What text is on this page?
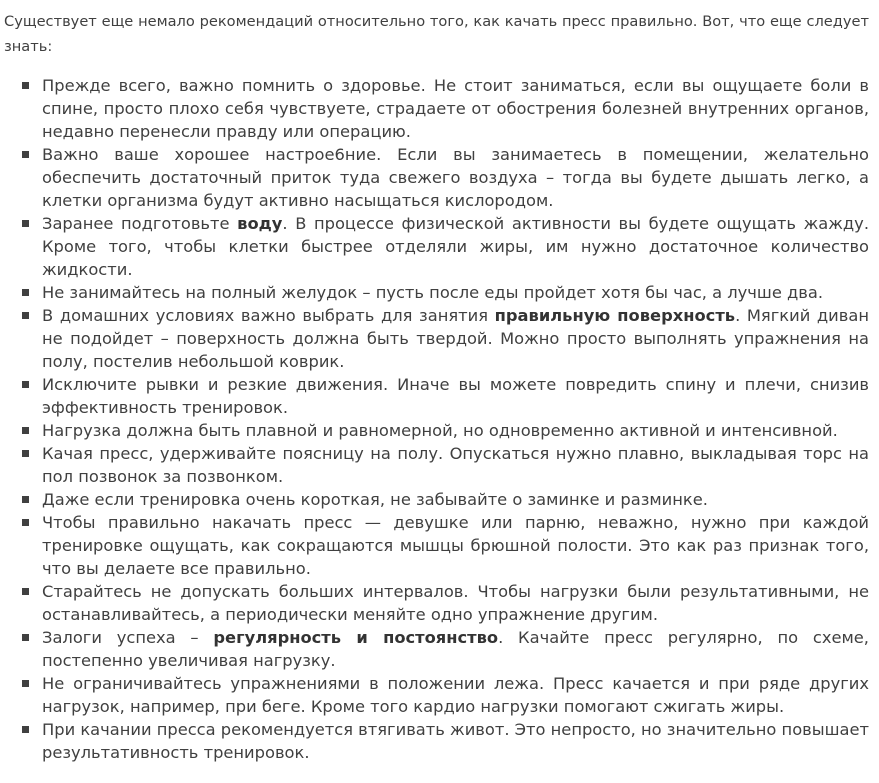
Существует еще немало рекомендаций относительно того, как качать пресс правильно. Вот, что еще следует знать:

Прежде всего, важно помнить о здоровье. Не стоит заниматься, если вы ощущаете боли в спине, просто плохо себя чувствуете, страдаете от обострения болезней внутренних органов, недавно перенесли правду или операцию.
Важно ваше хорошее настрое6ние. Если вы занимаетесь в помещении, желательно обеспечить достаточный приток туда свежего воздуха – тогда вы будете дышать легко, а клетки организма будут активно насыщаться кислородом.
Заранее подготовьте воду. В процессе физической активности вы будете ощущать жажду. Кроме того, чтобы клетки быстрее отделяли жиры, им нужно достаточное количество жидкости.
Не занимайтесь на полный желудок – пусть после еды пройдет хотя бы час, а лучше два.
В домашних условиях важно выбрать для занятия правильную поверхность. Мягкий диван не подойдет – поверхность должна быть твердой. Можно просто выполнять упражнения на полу, постелив небольшой коврик.
Исключите рывки и резкие движения. Иначе вы можете повредить спину и плечи, снизив эффективность тренировок.
Нагрузка должна быть плавной и равномерной, но одновременно активной и интенсивной.
Качая пресс, удерживайте поясницу на полу. Опускаться нужно плавно, выкладывая торс на пол позвонок за позвонком.
Даже если тренировка очень короткая, не забывайте о заминке и разминке.
Чтобы правильно накачать пресс — девушке или парню, неважно, нужно при каждой тренировке ощущать, как сокращаются мышцы брюшной полости. Это как раз признак того, что вы делаете все правильно.
Старайтесь не допускать больших интервалов. Чтобы нагрузки были результативными, не останавливайтесь, а периодически меняйте одно упражнение другим.
Залоги успеха – регулярность и постоянство. Качайте пресс регулярно, по схеме, постепенно увеличивая нагрузку.
Не ограничивайтесь упражнениями в положении лежа. Пресс качается и при ряде других нагрузок, например, при беге. Кроме того кардио нагрузки помогают сжигать жиры.
При качании пресса рекомендуется втягивать живот. Это непросто, но значительно повышает результативность тренировок.
